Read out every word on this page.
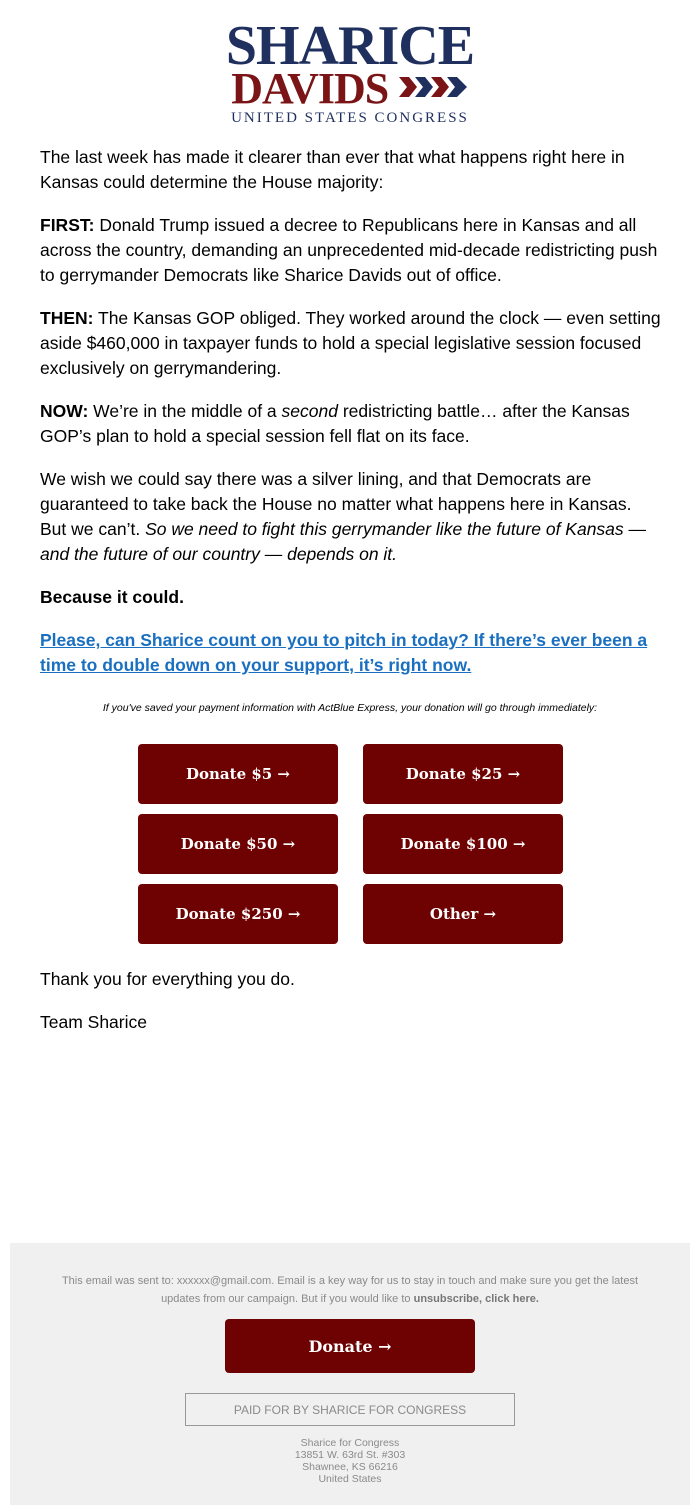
SHARICE
DAVIDS
UNITED STATES CONGRESS

The last week has made it clearer than ever that what happens right here in Kansas could determine the House majority:

FIRST: Donald Trump issued a decree to Republicans here in Kansas and all across the country, demanding an unprecedented mid-decade redistricting push to gerrymander Democrats like Sharice Davids out of office.

THEN: The Kansas GOP obliged. They worked around the clock — even setting aside $460,000 in taxpayer funds to hold a special legislative session focused exclusively on gerrymandering.

NOW: We’re in the middle of a second redistricting battle… after the Kansas GOP’s plan to hold a special session fell flat on its face.

We wish we could say there was a silver lining, and that Democrats are guaranteed to take back the House no matter what happens here in Kansas. But we can’t. So we need to fight this gerrymander like the future of Kansas — and the future of our country — depends on it.

Because it could.

Please, can Sharice count on you to pitch in today? If there’s ever been a time to double down on your support, it’s right now.

If you've saved your payment information with ActBlue Express, your donation will go through immediately:
Donate $5 →	Donate $25 →
Donate $50 →	Donate $100 →
Donate $250 →	Other →

Thank you for everything you do.

Team Sharice

This email was sent to: xxxxxx@gmail.com. Email is a key way for us to stay in touch and make sure you get the latest updates from our campaign. But if you would like to unsubscribe, click here.
Donate →
PAID FOR BY SHARICE FOR CONGRESS
Sharice for Congress
13851 W. 63rd St. #303
Shawnee, KS 66216
United States
